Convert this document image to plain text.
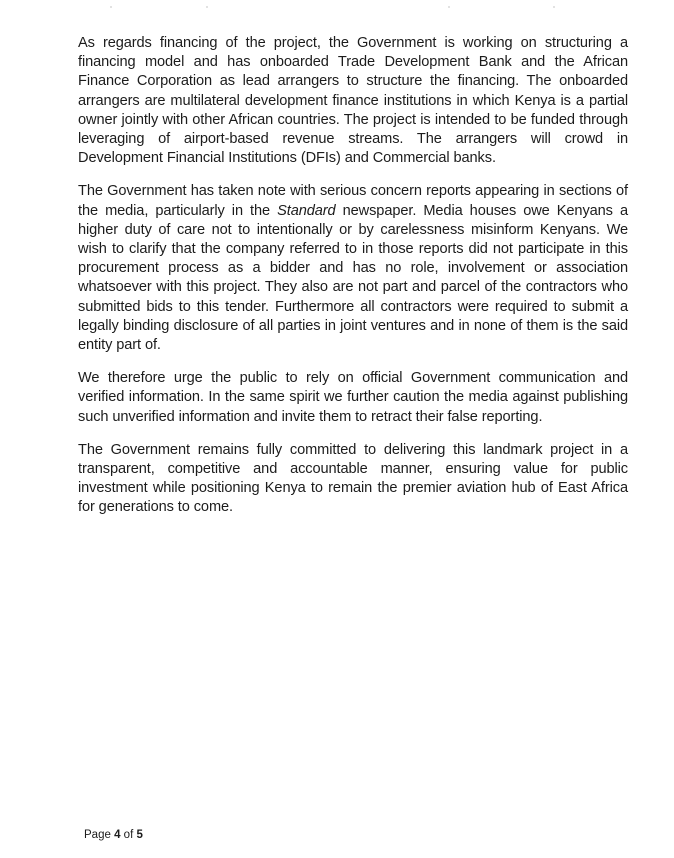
As regards financing of the project, the Government is working on structuring a financing model and has onboarded Trade Development Bank and the African Finance Corporation as lead arrangers to structure the financing. The onboarded arrangers are multilateral development finance institutions in which Kenya is a partial owner jointly with other African countries. The project is intended to be funded through leveraging of airport-based revenue streams. The arrangers will crowd in Development Financial Institutions (DFIs) and Commercial banks.

The Government has taken note with serious concern reports appearing in sections of the media, particularly in the Standard newspaper. Media houses owe Kenyans a higher duty of care not to intentionally or by carelessness misinform Kenyans. We wish to clarify that the company referred to in those reports did not participate in this procurement process as a bidder and has no role, involvement or association whatsoever with this project. They also are not part and parcel of the contractors who submitted bids to this tender. Furthermore all contractors were required to submit a legally binding disclosure of all parties in joint ventures and in none of them is the said entity part of.

We therefore urge the public to rely on official Government communication and verified information. In the same spirit we further caution the media against publishing such unverified information and invite them to retract their false reporting.

The Government remains fully committed to delivering this landmark project in a transparent, competitive and accountable manner, ensuring value for public investment while positioning Kenya to remain the premier aviation hub of East Africa for generations to come.

Page 4 of 5
